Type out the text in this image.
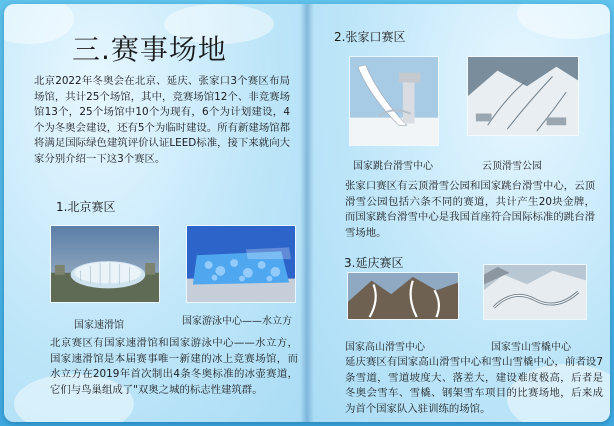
三.赛事场地
北京2022年冬奥会在北京、延庆、张家口3个赛区布局场馆，共计25个场馆，其中，竞赛场馆12个、非竞赛场馆13个，25个场馆中10个为现有，6个为计划建设，4个为冬奥会建设，还有5个为临时建设。所有新建场馆都将满足国际绿色建筑评价认证LEED标准，接下来就向大家分别介绍一下这3个赛区。
1.北京赛区
国家速滑馆	国家游泳中心——水立方
北京赛区有国家速滑馆和国家游泳中心——水立方，国家速滑馆是本届赛事唯一新建的冰上竞赛场馆，而水立方在2019年首次制出4条冬奥标准的冰壶赛道，它们与鸟巢组成了"双奥之城的标志性建筑群。
2.张家口赛区
国家跳台滑雪中心	云顶滑雪公园
张家口赛区有云顶滑雪公园和国家跳台滑雪中心，云顶滑雪公园包括六条不同的赛道，共计产生20块金牌，而国家跳台滑雪中心是我国首座符合国际标准的跳台滑雪场地。
3.延庆赛区
国家高山滑雪中心	国家雪山雪橇中心
延庆赛区有国家高山滑雪中心和雪山雪橇中心，前者设7条雪道，雪道坡度大、落差大，建设难度极高，后者是冬奥会雪车、雪橇、钢架雪车项目的比赛场地，后来成为首个国家队入驻训练的场馆。
